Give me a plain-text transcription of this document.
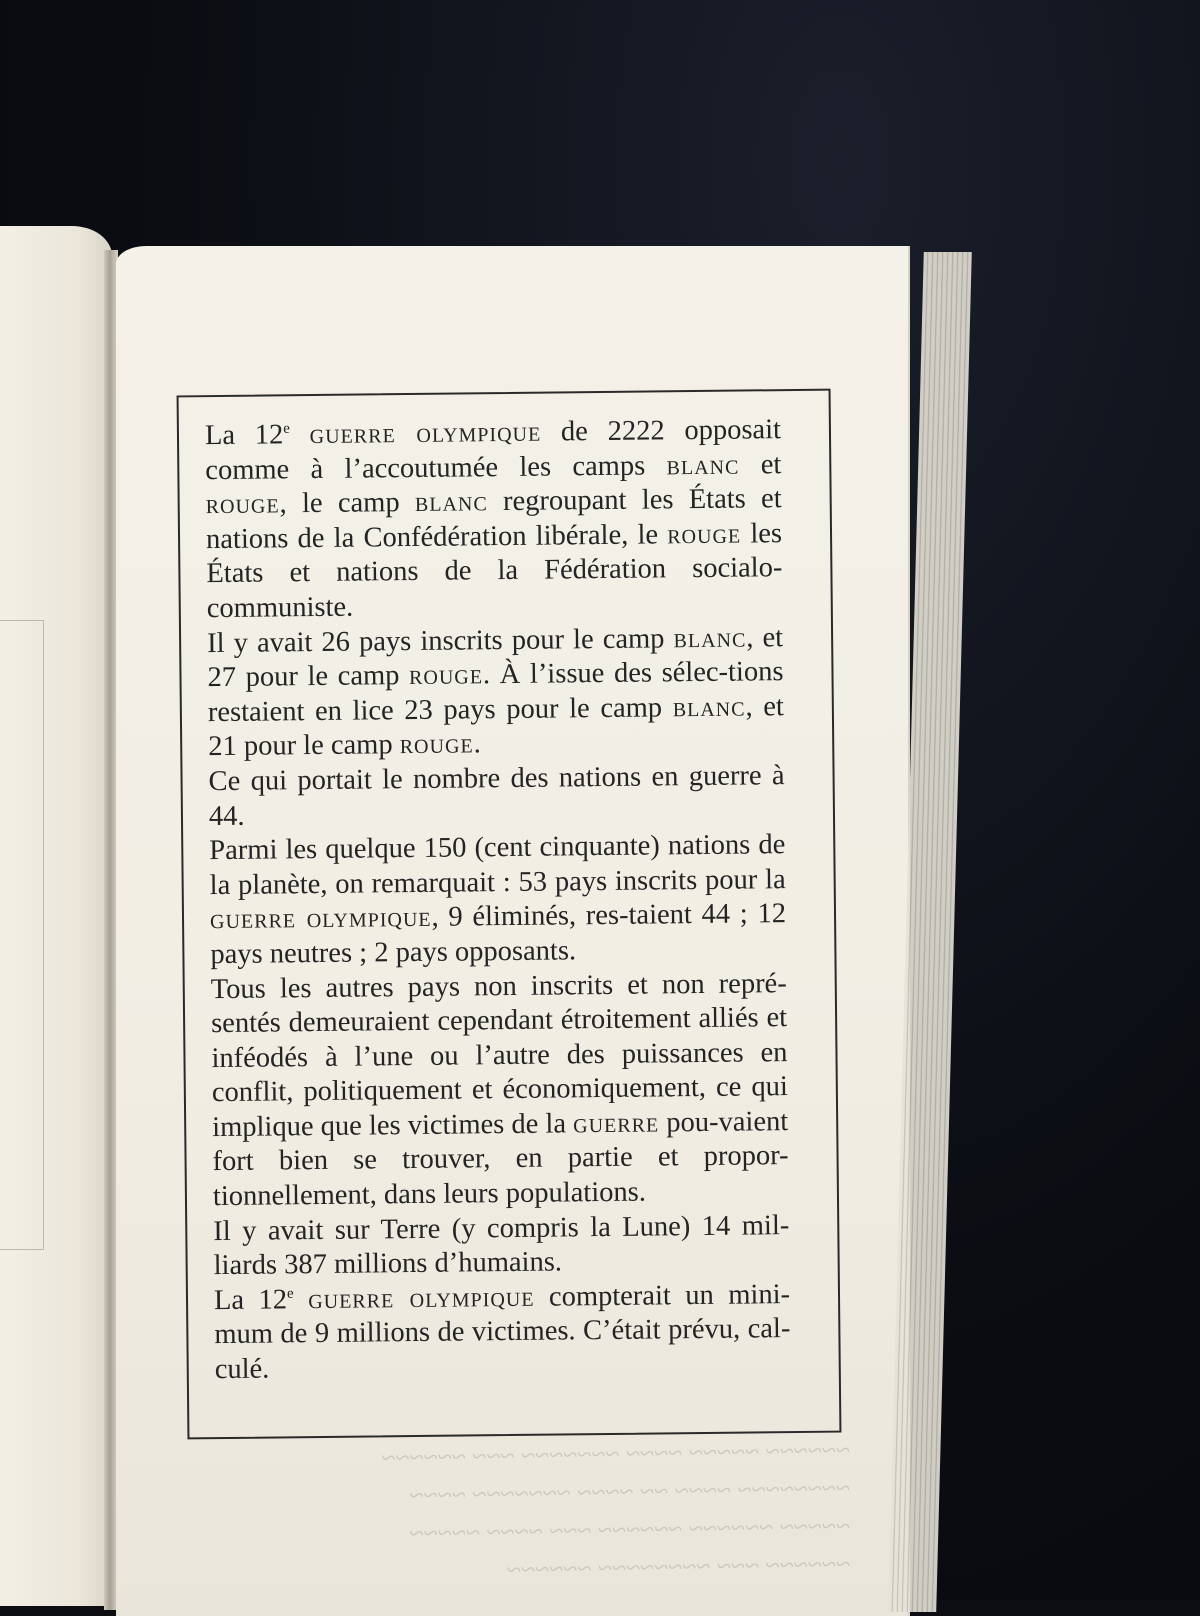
~~~~~~ ~~~~~ ~~~~ ~~~~~~~ ~~~ ~~~~~~
~~~~~~~~ ~~~~ ~~ ~~~~ ~~~~~~~ ~~~~
~~~~~ ~~~~~~ ~~~~~~ ~~~ ~~~~ ~~~~~
~~~~~~ ~~~ ~~~~~~~~ ~~~~~~

La 12e guerre olympique de 2222 opposait comme à l’accoutumée les camps blanc et rouge, le camp blanc regroupant les États et nations de la Confédération libérale, le rouge les États et nations de la Fédération socialo-communiste.

Il y avait 26 pays inscrits pour le camp blanc, et 27 pour le camp rouge. À l’issue des sélec-tions restaient en lice 23 pays pour le camp blanc, et 21 pour le camp rouge.

Ce qui portait le nombre des nations en guerre à 44.

Parmi les quelque 150 (cent cinquante) nations de la planète, on remarquait : 53 pays inscrits pour la guerre olympique, 9 éliminés, res-taient 44 ; 12 pays neutres ; 2 pays opposants.

Tous les autres pays non inscrits et non repré-sentés demeuraient cependant étroitement alliés et inféodés à l’une ou l’autre des puissances en conflit, politiquement et économiquement, ce qui implique que les victimes de la guerre pou-vaient fort bien se trouver, en partie et propor-tionnellement, dans leurs populations.

Il y avait sur Terre (y compris la Lune) 14 mil-liards 387 millions d’humains.

La 12e guerre olympique compterait un mini-mum de 9 millions de victimes. C’était prévu, cal-culé.
